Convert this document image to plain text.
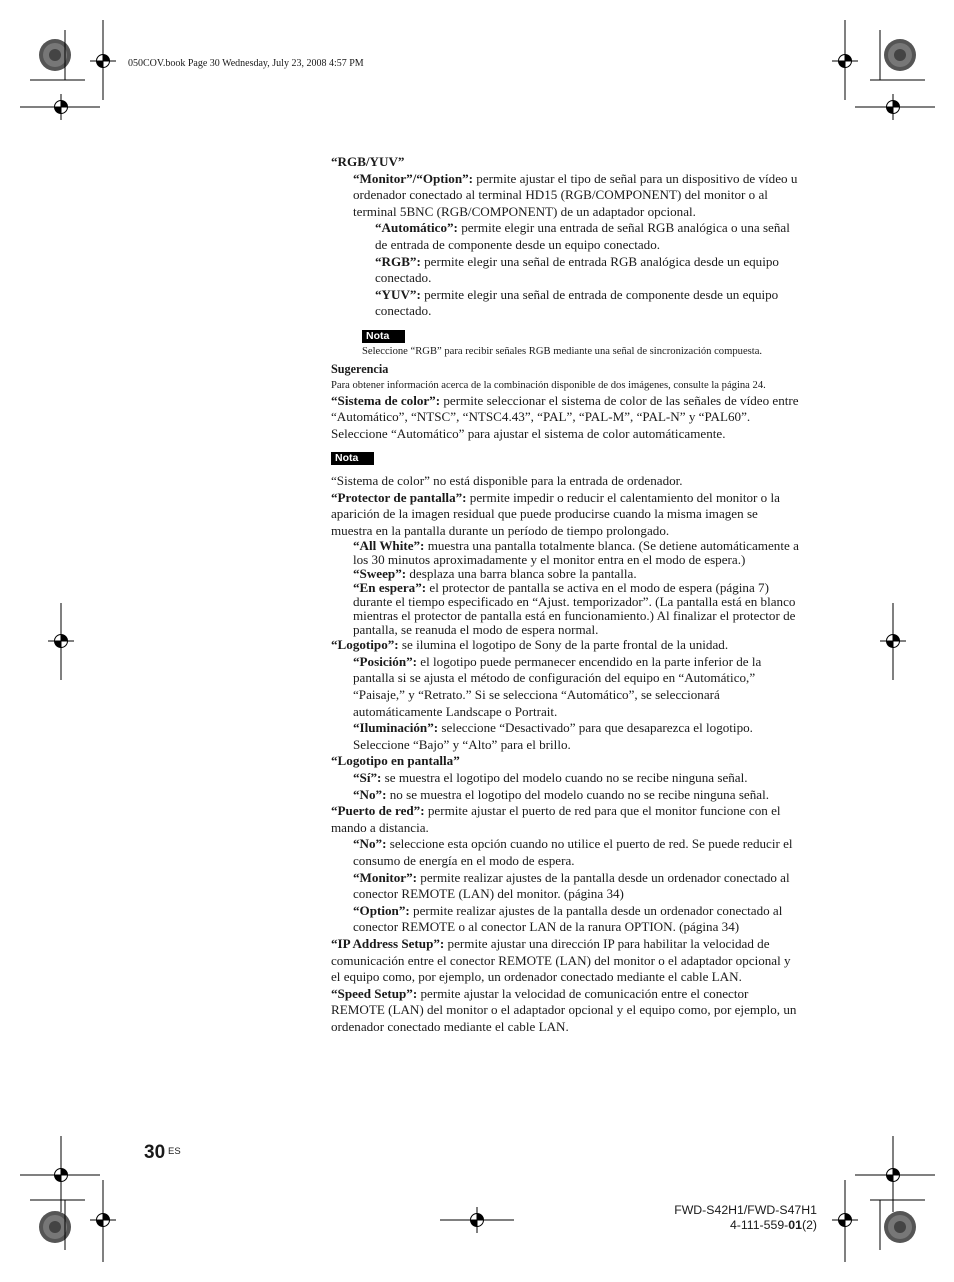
050COV.book Page 30 Wednesday, July 23, 2008 4:57 PM

“RGB/YUV”

“Monitor”/“Option”: permite ajustar el tipo de señal para un dispositivo de vídeo u ordenador conectado al terminal HD15 (RGB/COMPONENT) del monitor o al terminal 5BNC (RGB/COMPONENT) de un adaptador opcional.

“Automático”: permite elegir una entrada de señal RGB analógica o una señal de entrada de componente desde un equipo conectado.

“RGB”: permite elegir una señal de entrada RGB analógica desde un equipo conectado.

“YUV”: permite elegir una señal de entrada de componente desde un equipo conectado.

Nota

Seleccione “RGB” para recibir señales RGB mediante una señal de sincronización compuesta.

Sugerencia

Para obtener información acerca de la combinación disponible de dos imágenes, consulte la página 24.

“Sistema de color”: permite seleccionar el sistema de color de las señales de vídeo entre “Automático”, “NTSC”, “NTSC4.43”, “PAL”, “PAL-M”, “PAL-N” y “PAL60”. Seleccione “Automático” para ajustar el sistema de color automáticamente.

Nota

“Sistema de color” no está disponible para la entrada de ordenador.

“Protector de pantalla”: permite impedir o reducir el calentamiento del monitor o la aparición de la imagen residual que puede producirse cuando la misma imagen se muestra en la pantalla durante un período de tiempo prolongado.

“All White”: muestra una pantalla totalmente blanca. (Se detiene automáticamente a los 30 minutos aproximadamente y el monitor entra en el modo de espera.)

“Sweep”: desplaza una barra blanca sobre la pantalla.

“En espera”: el protector de pantalla se activa en el modo de espera (página 7) durante el tiempo especificado en “Ajust. temporizador”. (La pantalla está en blanco mientras el protector de pantalla está en funcionamiento.) Al finalizar el protector de pantalla, se reanuda el modo de espera normal.

“Logotipo”: se ilumina el logotipo de Sony de la parte frontal de la unidad.

“Posición”: el logotipo puede permanecer encendido en la parte inferior de la pantalla si se ajusta el método de configuración del equipo en “Automático,” “Paisaje,” y “Retrato.” Si se selecciona “Automático”, se seleccionará automáticamente Landscape o Portrait.

“Iluminación”: seleccione “Desactivado” para que desaparezca el logotipo. Seleccione “Bajo” y “Alto” para el brillo.

“Logotipo en pantalla”

“Sí”: se muestra el logotipo del modelo cuando no se recibe ninguna señal.

“No”: no se muestra el logotipo del modelo cuando no se recibe ninguna señal.

“Puerto de red”: permite ajustar el puerto de red para que el monitor funcione con el mando a distancia.

“No”: seleccione esta opción cuando no utilice el puerto de red. Se puede reducir el consumo de energía en el modo de espera.

“Monitor”: permite realizar ajustes de la pantalla desde un ordenador conectado al conector REMOTE (LAN) del monitor. (página 34)

“Option”: permite realizar ajustes de la pantalla desde un ordenador conectado al conector REMOTE o al conector LAN de la ranura OPTION. (página 34)

“IP Address Setup”: permite ajustar una dirección IP para habilitar la velocidad de comunicación entre el conector REMOTE (LAN) del monitor o el adaptador opcional y el equipo como, por ejemplo, un ordenador conectado mediante el cable LAN.

“Speed Setup”: permite ajustar la velocidad de comunicación entre el conector REMOTE (LAN) del monitor o el adaptador opcional y el equipo como, por ejemplo, un ordenador conectado mediante el cable LAN.

30 ES
FWD-S42H1/FWD-S47H1
4-111-559-01(2)
